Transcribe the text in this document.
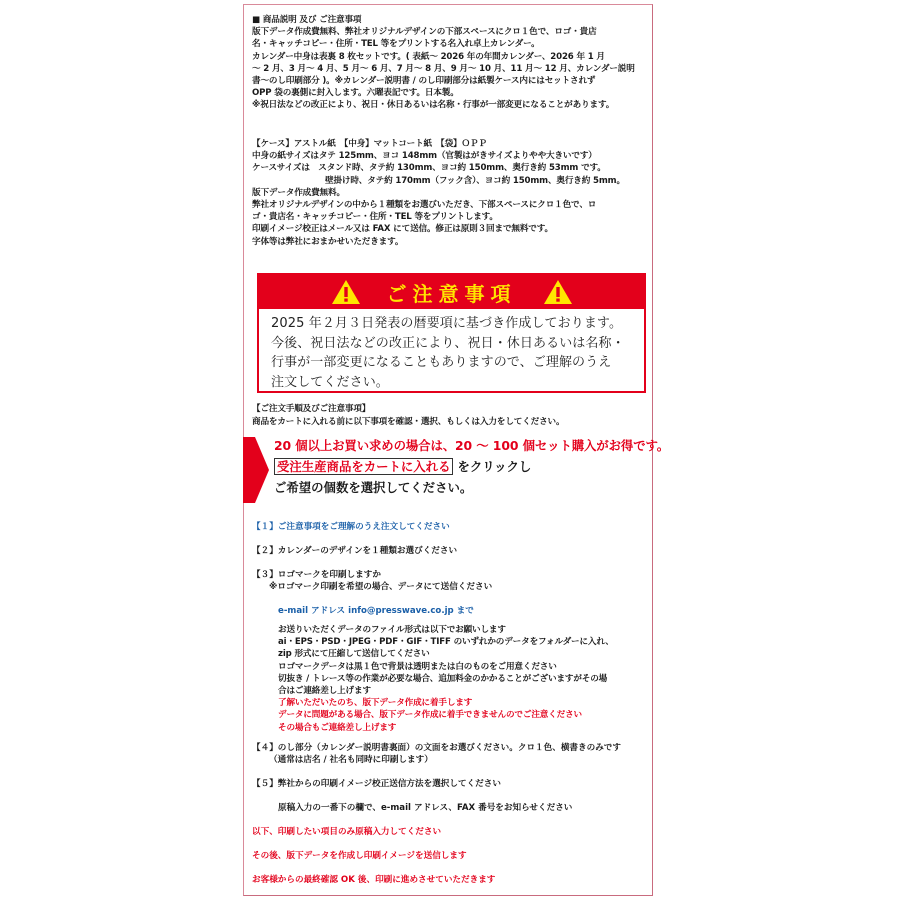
■ 商品説明 及び ご注意事項
版下データ作成費無料、弊社オリジナルデザインの下部スペースにクロ１色で、ロゴ・貴店
名・キャッチコピー・住所・TEL 等をプリントする名入れ卓上カレンダー。
カレンダー中身は表裏 8 枚セットです。( 表紙～ 2026 年の年間カレンダー、2026 年 1 月
～ 2 月、3 月～ 4 月、5 月～ 6 月、7 月～ 8 月、9 月～ 10 月、11 月～ 12 月、カレンダー説明
書～のし印刷部分 )。※カレンダー説明書 / のし印刷部分は紙製ケース内にはセットされず
OPP 袋の裏側に封入します。六曜表記です。日本製。
※祝日法などの改正により、祝日・休日あるいは名称・行事が一部変更になることがあります。
【ケース】アストル紙　【中身】マットコート紙　【袋】ＯＰＰ
中身の紙サイズはタテ 125mm、ヨコ 148mm（官製はがきサイズよりやや大きいです）
ケースサイズは　スタンド時、タテ約 130mm、ヨコ約 150mm、奥行き約 53mm です。
壁掛け時、タテ約 170mm（フック含）、ヨコ約 150mm、奥行き約 5mm。
版下データ作成費無料。
弊社オリジナルデザインの中から１種類をお選びいただき、下部スペースにクロ１色で、ロ
ゴ・貴店名・キャッチコピー・住所・TEL 等をプリントします。
印刷イメージ校正はメール又は FAX にて送信。修正は原則３回まで無料です。
字体等は弊社におまかせいただきます。
ご注意事項
2025 年２月３日発表の暦要項に基づき作成しております。
今後、祝日法などの改正により、祝日・休日あるいは名称・
行事が一部変更になることもありますので、ご理解のうえ
注文してください。
【ご注文手順及びご注意事項】
商品をカートに入れる前に以下事項を確認・選択、もしくは入力をしてください。
20 個以上お買い求めの場合は、20 ～ 100 個セット購入がお得です。
受注生産商品をカートに入れる をクリックし
ご希望の個数を選択してください。
【１】ご注意事項をご理解のうえ注文してください
【２】カレンダーのデザインを１種類お選びください
【３】ロゴマークを印刷しますか
※ロゴマーク印刷を希望の場合、データにて送信ください
e-mail アドレス info@presswave.co.jp まで
お送りいただくデータのファイル形式は以下でお願いします
ai・EPS・PSD・JPEG・PDF・GIF・TIFF のいずれかのデータをフォルダーに入れ、
zip 形式にて圧縮して送信してください
ロゴマークデータは黒１色で背景は透明または白のものをご用意ください
切抜き / トレース等の作業が必要な場合、追加料金のかかることがございますがその場
合はご連絡差し上げます
了解いただいたのち、版下データ作成に着手します
データに問題がある場合、版下データ作成に着手できませんのでご注意ください
その場合もご連絡差し上げます
【４】のし部分（カレンダー説明書裏面）の文面をお選びください。クロ１色、横書きのみです
（通常は店名 / 社名も同時に印刷します）
【５】弊社からの印刷イメージ校正送信方法を選択してください
原稿入力の一番下の欄で、e-mail アドレス、FAX 番号をお知らせください
以下、印刷したい項目のみ原稿入力してください
その後、版下データを作成し印刷イメージを送信します
お客様からの最終確認 OK 後、印刷に進めさせていただきます
